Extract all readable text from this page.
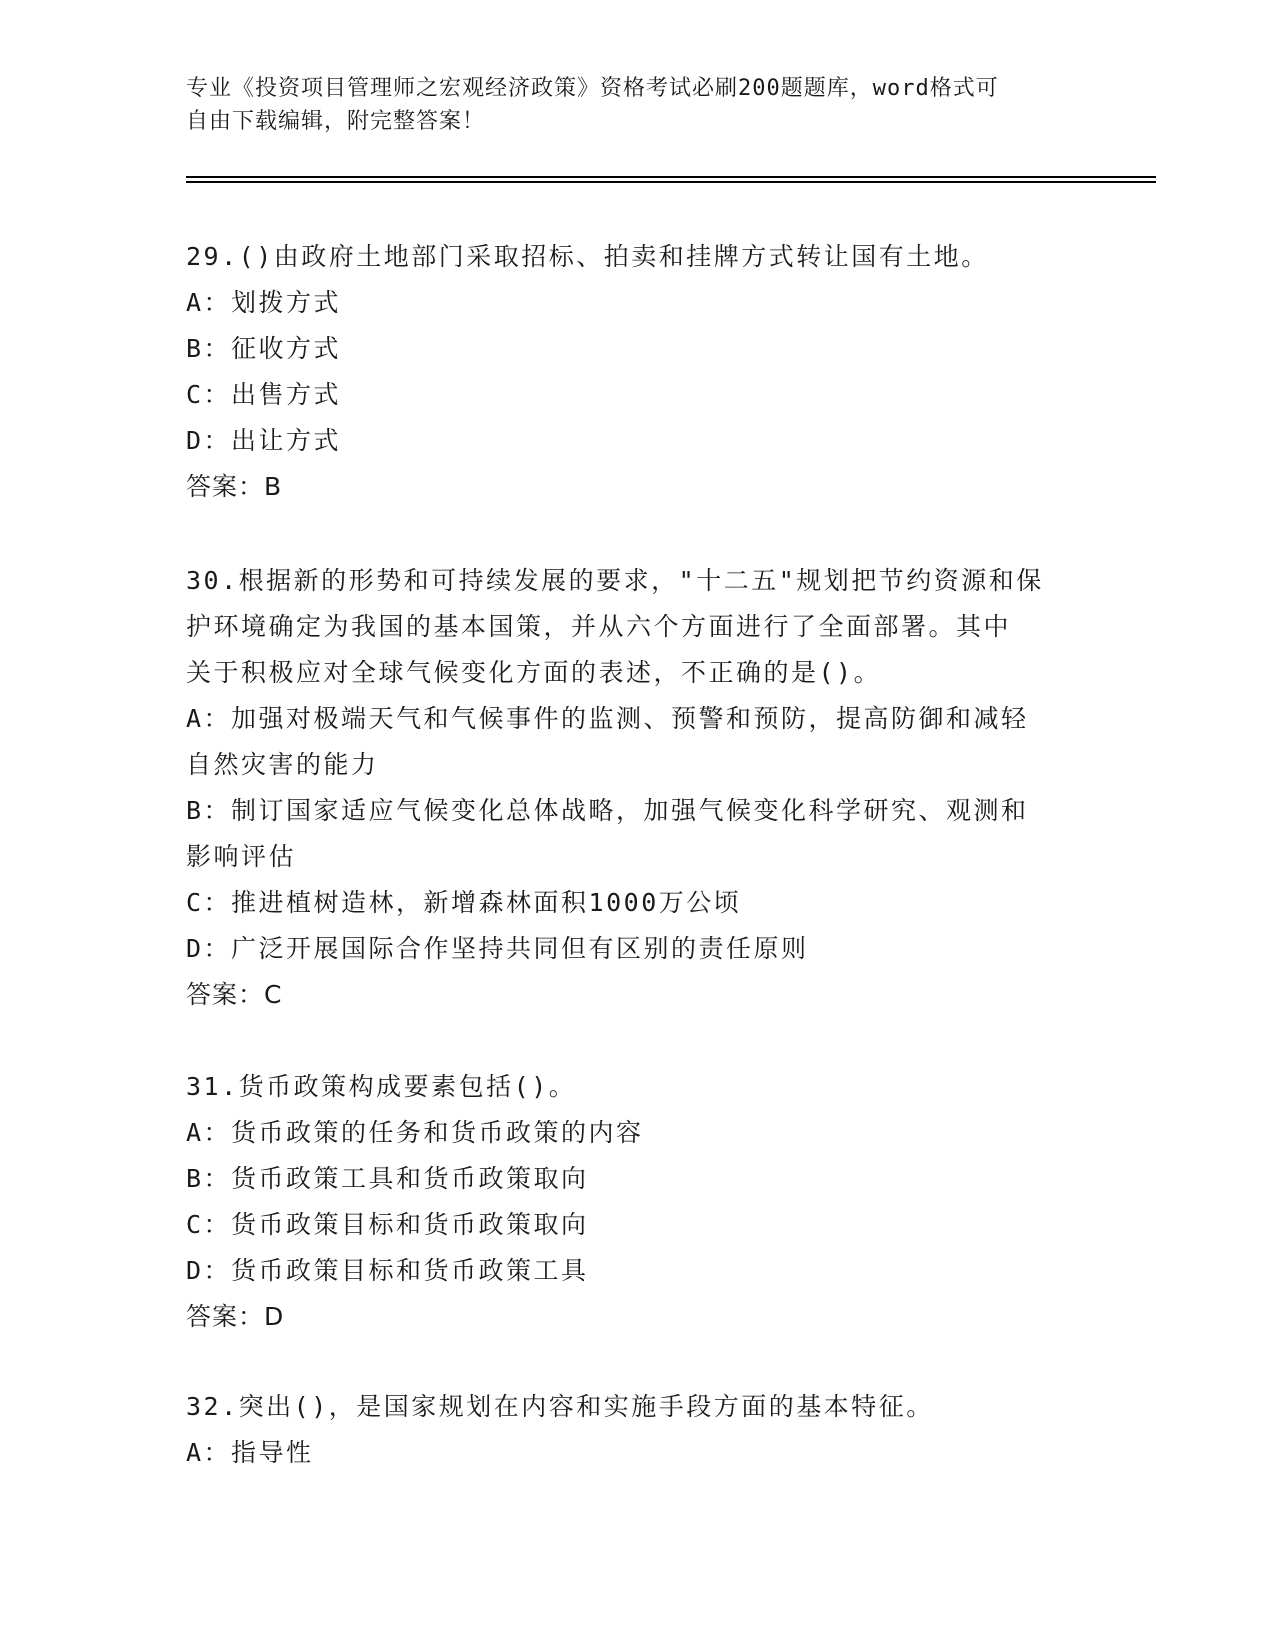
专业《投资项目管理师之宏观经济政策》资格考试必刷200题题库，word格式可
自由下载编辑，附完整答案！
29.()由政府土地部门采取招标、拍卖和挂牌方式转让国有土地。
A：划拨方式
B：征收方式
C：出售方式
D：出让方式
答案：B
30.根据新的形势和可持续发展的要求，"十二五"规划把节约资源和保
护环境确定为我国的基本国策，并从六个方面进行了全面部署。其中
关于积极应对全球气候变化方面的表述，不正确的是()。
A：加强对极端天气和气候事件的监测、预警和预防，提高防御和减轻
自然灾害的能力
B：制订国家适应气候变化总体战略，加强气候变化科学研究、观测和
影响评估
C：推进植树造林，新增森林面积1000万公顷
D：广泛开展国际合作坚持共同但有区别的责任原则
答案：C
31.货币政策构成要素包括()。
A：货币政策的任务和货币政策的内容
B：货币政策工具和货币政策取向
C：货币政策目标和货币政策取向
D：货币政策目标和货币政策工具
答案：D
32.突出()，是国家规划在内容和实施手段方面的基本特征。
A：指导性
